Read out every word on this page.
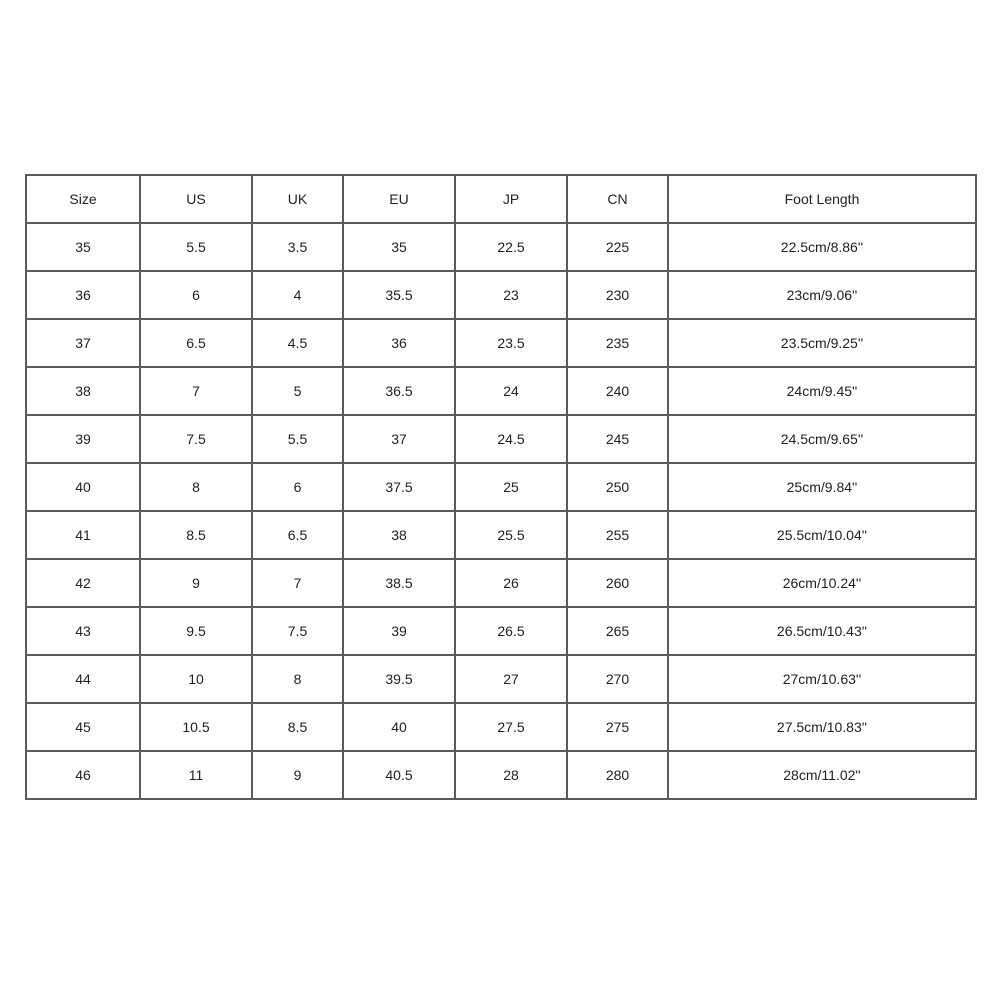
Size	US	UK	EU	JP	CN	Foot Length
35	5.5	3.5	35	22.5	225	22.5cm/8.86''
36	6	4	35.5	23	230	23cm/9.06''
37	6.5	4.5	36	23.5	235	23.5cm/9.25''
38	7	5	36.5	24	240	24cm/9.45''
39	7.5	5.5	37	24.5	245	24.5cm/9.65''
40	8	6	37.5	25	250	25cm/9.84''
41	8.5	6.5	38	25.5	255	25.5cm/10.04''
42	9	7	38.5	26	260	26cm/10.24''
43	9.5	7.5	39	26.5	265	26.5cm/10.43''
44	10	8	39.5	27	270	27cm/10.63''
45	10.5	8.5	40	27.5	275	27.5cm/10.83''
46	11	9	40.5	28	280	28cm/11.02''
